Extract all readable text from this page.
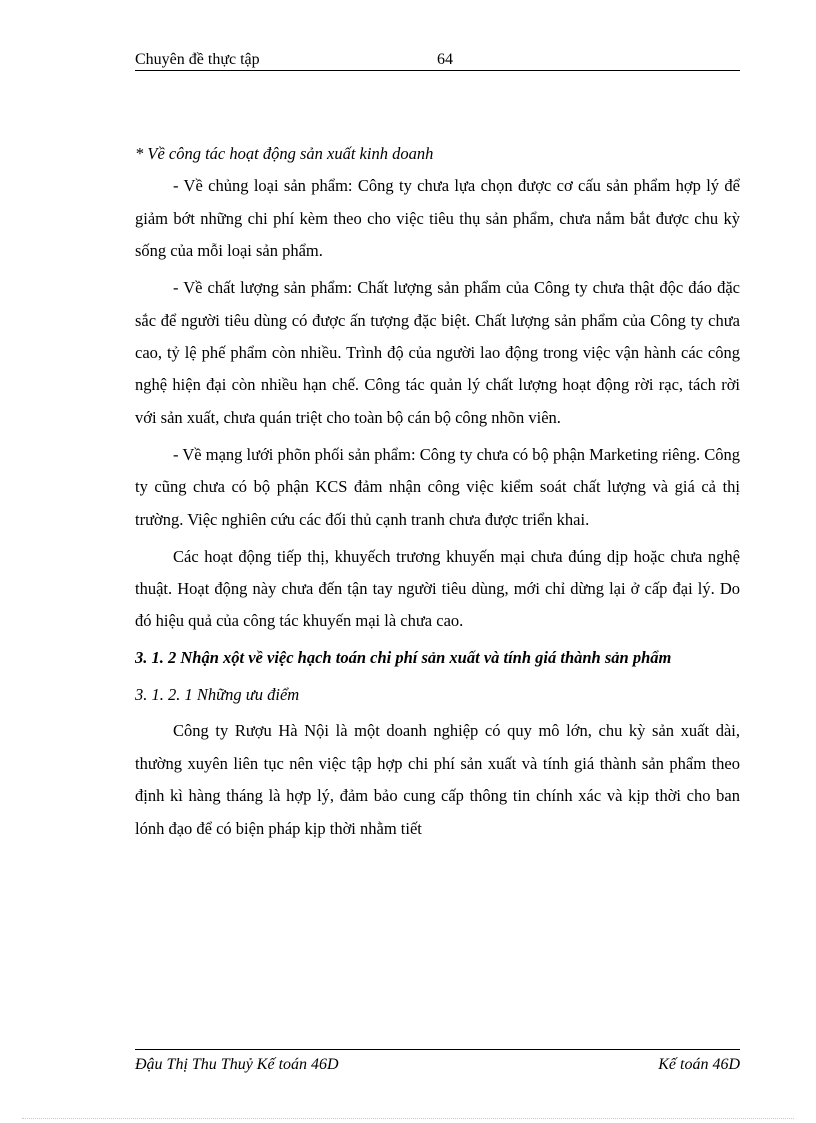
Chuyên đề thực tập	64

* Về công tác hoạt động sản xuất kinh doanh

- Về chủng loại sản phẩm: Công ty chưa lựa chọn được cơ cấu sản phẩm hợp lý để giảm bớt những chi phí kèm theo cho việc tiêu thụ sản phẩm, chưa nắm bắt được chu kỳ sống của mỗi loại sản phẩm.

- Về chất lượng sản phẩm: Chất lượng sản phẩm của Công ty chưa thật độc đáo đặc sắc để người tiêu dùng có được ấn tượng đặc biệt. Chất lượng sản phẩm của Công ty chưa cao, tỷ lệ phế phẩm còn nhiều. Trình độ của người lao động trong việc vận hành các công nghệ hiện đại còn nhiều hạn chế. Công tác quản lý chất lượng hoạt động rời rạc, tách rời với sản xuất, chưa quán triệt cho toàn bộ cán bộ công nhõn viên.

- Về mạng lưới phõn phối sản phẩm: Công ty chưa có bộ phận Marketing riêng. Công ty cũng chưa có bộ phận KCS đảm nhận công việc kiểm soát chất lượng và giá cả thị trường. Việc nghiên cứu các đối thủ cạnh tranh chưa được triển khai.

Các hoạt động tiếp thị, khuyếch trương khuyến mại chưa đúng dịp hoặc chưa nghệ thuật. Hoạt động này chưa đến tận tay người tiêu dùng, mới chỉ dừng lại ở cấp đại lý. Do đó hiệu quả của công tác khuyến mại là chưa cao.

3. 1. 2 Nhận xột về việc hạch toán chi phí sản xuất và tính giá thành sản phẩm

3. 1. 2. 1 Những ưu điểm

Công ty Rượu Hà Nội là một doanh nghiệp có quy mô lớn, chu kỳ sản xuất dài, thường xuyên liên tục nên việc tập hợp chi phí sản xuất và tính giá thành sản phẩm theo định kì hàng tháng là hợp lý, đảm bảo cung cấp thông tin chính xác và kịp thời cho ban lónh đạo để có biện pháp kịp thời nhằm tiết

Đậu Thị Thu Thuỷ Kế toán 46D	Kế toán 46D
